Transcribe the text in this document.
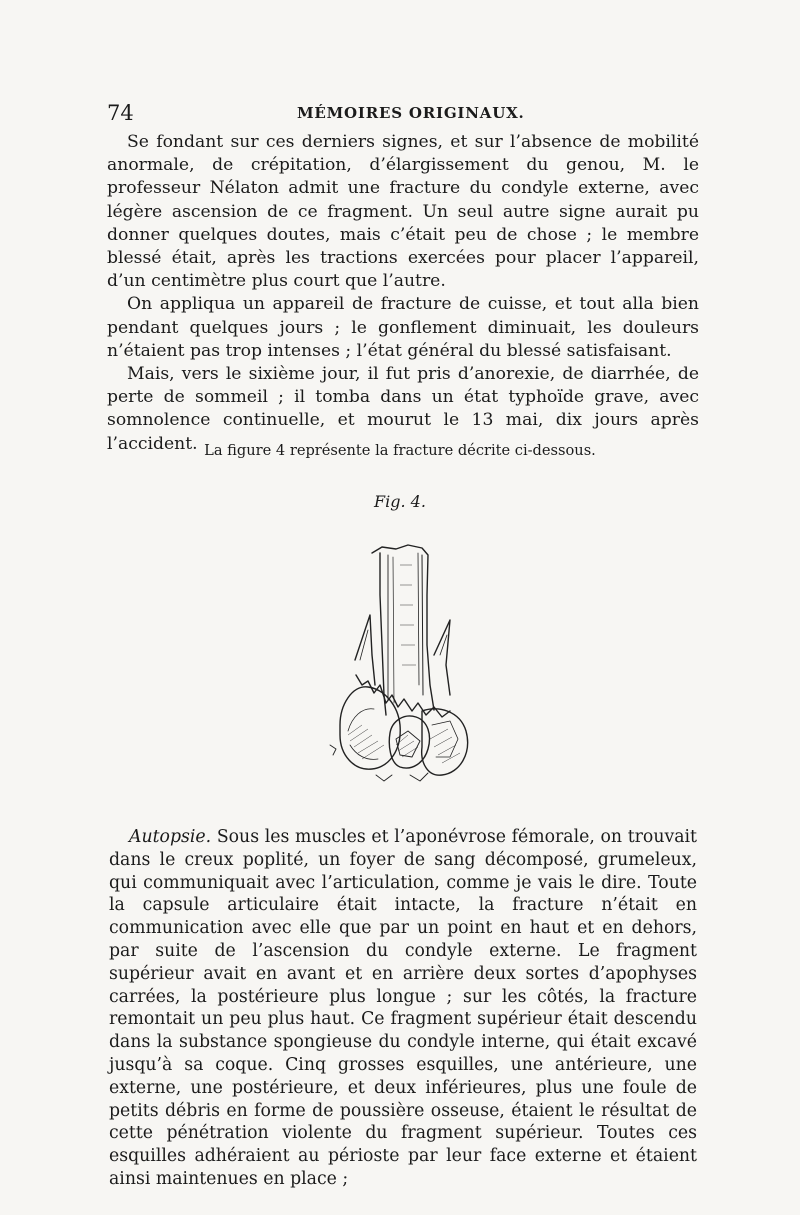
74	MÉMOIRES ORIGINAUX.

Se fondant sur ces derniers signes, et sur l’absence de mobilité anormale, de crépitation, d’élargissement du genou, M. le professeur Nélaton admit une fracture du condyle externe, avec légère ascension de ce fragment. Un seul autre signe aurait pu donner quelques doutes, mais c’était peu de chose ; le membre blessé était, après les tractions exercées pour placer l’appareil, d’un centimètre plus court que l’autre.

On appliqua un appareil de fracture de cuisse, et tout alla bien pendant quelques jours ; le gonflement diminuait, les douleurs n’étaient pas trop intenses ; l’état général du blessé satisfaisant.

Mais, vers le sixième jour, il fut pris d’anorexie, de diarrhée, de perte de sommeil ; il tomba dans un état typhoïde grave, avec somnolence continuelle, et mourut le 13 mai, dix jours après l’accident. La figure 4 représente la fracture décrite ci-dessous.
Fig. 4.

Autopsie. Sous les muscles et l’aponévrose fémorale, on trouvait dans le creux poplité, un foyer de sang décomposé, grumeleux, qui communiquait avec l’articulation, comme je vais le dire. Toute la capsule articulaire était intacte, la fracture n’était en communication avec elle que par un point en haut et en dehors, par suite de l’ascension du condyle externe. Le fragment supérieur avait en avant et en arrière deux sortes d’apophyses carrées, la postérieure plus longue ; sur les côtés, la fracture remontait un peu plus haut. Ce fragment supérieur était descendu dans la substance spongieuse du condyle interne, qui était excavé jusqu’à sa coque. Cinq grosses esquilles, une antérieure, une externe, une postérieure, et deux inférieures, plus une foule de petits débris en forme de poussière osseuse, étaient le résultat de cette pénétration violente du fragment supérieur. Toutes ces esquilles adhéraient au périoste par leur face externe et étaient ainsi maintenues en place ;
